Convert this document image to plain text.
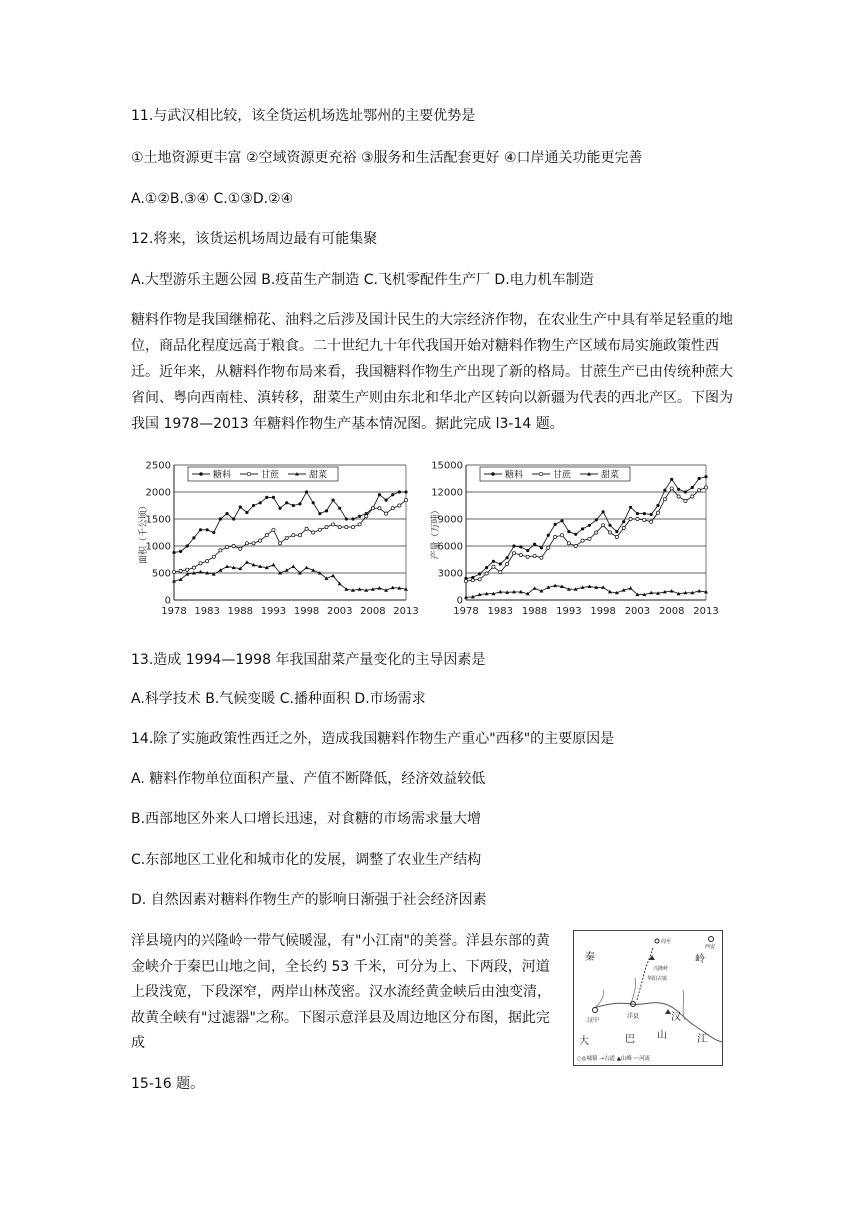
11.与武汉相比较，该全货运机场选址鄂州的主要优势是
①土地资源更丰富 ②空域资源更充裕 ③服务和生活配套更好 ④口岸通关功能更完善
A.①②B.③④ C.①③D.②④
12.将来，该货运机场周边最有可能集聚
A.大型游乐主题公园 B.疫苗生产制造 C.飞机零配件生产厂 D.电力机车制造
糖料作物是我国继棉花、油料之后涉及国计民生的大宗经济作物，在农业生产中具有举足轻重的地位，商品化程度远高于粮食。二十世纪九十年代我国开始对糖料作物生产区域布局实施政策性西迁。近年来，从糖料作物布局来看，我国糖料作物生产出现了新的格局。甘蔗生产已由传统种蔗大省间、粤向西南桂、滇转移，甜菜生产则由东北和华北产区转向以新疆为代表的西北产区。下图为我国 1978—2013 年糖料作物生产基本情况图。据此完成 l3-14 题。
0
500
1000
1500
2000
2500
1978 1983 1988 1993 1998 2003 2008 2013
面积（千公顷）
糖料	甘蔗	甜菜
0
3000
6000
9000
12000
15000
1978 1983 1988 1993 1998 2003 2008 2013
产量（万吨）
糖料	甘蔗	甜菜
13.造成 1994—1998 年我国甜菜产量变化的主导因素是
A.科学技术 B.气候变暖 C.播种面积 D.市场需求
14.除了实施政策性西迁之外，造成我国糖料作物生产重心"西移"的主要原因是
A. 糖料作物单位面积产量、产值不断降低，经济效益较低
B.西部地区外来人口增长迅速，对食糖的市场需求量大增
C.东部地区工业化和城市化的发展，调整了农业生产结构
D. 自然因素对糖料作物生产的影响日渐强于社会经济因素
洋县境内的兴隆岭一带气候暖湿，有"小江南"的美誉。洋县东部的黄金峡介于秦巴山地之间，全长约 53 千米，可分为上、下两段，河道上段浅宽，下段深窄，两岸山林茂密。汉水流经黄金峡后由浊变清，故黄全峡有"过滤器"之称。下图示意洋县及周边地区分布图，据此完成
秦	岭
大	巴 山
汉
江
洋县
汉中
周至
西安
兴隆岭
华阳古镇
○◎城镇 ⇢古道 ▲山峰 〰河流
15-16 题。
